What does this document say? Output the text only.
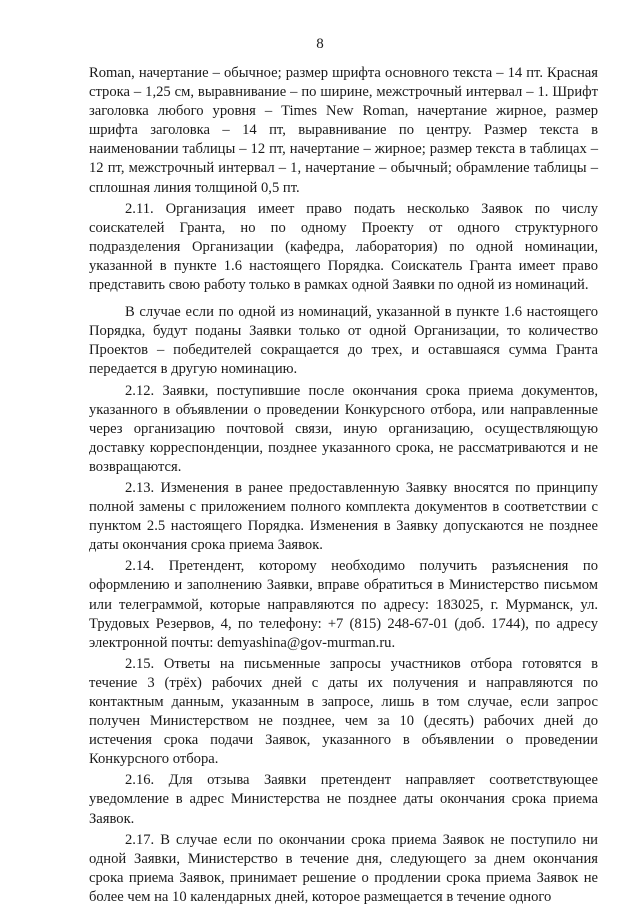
8

Roman, начертание – обычное; размер шрифта основного текста – 14 пт. Красная строка – 1,25 см, выравнивание – по ширине, межстрочный интервал – 1. Шрифт заголовка любого уровня – Times New Roman, начертание жирное, размер шрифта заголовка – 14 пт, выравнивание по центру. Размер текста в наименовании таблицы – 12 пт, начертание – жирное; размер текста в таблицах – 12 пт, межстрочный интервал – 1, начертание – обычный; обрамление таблицы – сплошная линия толщиной 0,5 пт.

2.11. Организация имеет право подать несколько Заявок по числу соискателей Гранта, но по одному Проекту от одного структурного подразделения Организации (кафедра, лаборатория) по одной номинации, указанной в пункте 1.6 настоящего Порядка. Соискатель Гранта имеет право представить свою работу только в рамках одной Заявки по одной из номинаций.

В случае если по одной из номинаций, указанной в пункте 1.6 настоящего Порядка, будут поданы Заявки только от одной Организации, то количество Проектов – победителей сокращается до трех, и оставшаяся сумма Гранта передается в другую номинацию.

2.12. Заявки, поступившие после окончания срока приема документов, указанного в объявлении о проведении Конкурсного отбора, или направленные через организацию почтовой связи, иную организацию, осуществляющую доставку корреспонденции, позднее указанного срока, не рассматриваются и не возвращаются.

2.13. Изменения в ранее предоставленную Заявку вносятся по принципу полной замены с приложением полного комплекта документов в соответствии с пунктом 2.5 настоящего Порядка. Изменения в Заявку допускаются не позднее даты окончания срока приема Заявок.

2.14. Претендент, которому необходимо получить разъяснения по оформлению и заполнению Заявки, вправе обратиться в Министерство письмом или телеграммой, которые направляются по адресу: 183025, г. Мурманск, ул. Трудовых Резервов, 4, по телефону: +7 (815) 248-67-01 (доб. 1744), по адресу электронной почты: demyashina@gov-murman.ru.

2.15. Ответы на письменные запросы участников отбора готовятся в течение 3 (трёх) рабочих дней с даты их получения и направляются по контактным данным, указанным в запросе, лишь в том случае, если запрос получен Министерством не позднее, чем за 10 (десять) рабочих дней до истечения срока подачи Заявок, указанного в объявлении о проведении Конкурсного отбора.

2.16. Для отзыва Заявки претендент направляет соответствующее уведомление в адрес Министерства не позднее даты окончания срока приема Заявок.

2.17. В случае если по окончании срока приема Заявок не поступило ни одной Заявки, Министерство в течение дня, следующего за днем окончания срока приема Заявок, принимает решение о продлении срока приема Заявок не более чем на 10 календарных дней, которое размещается в течение одного
